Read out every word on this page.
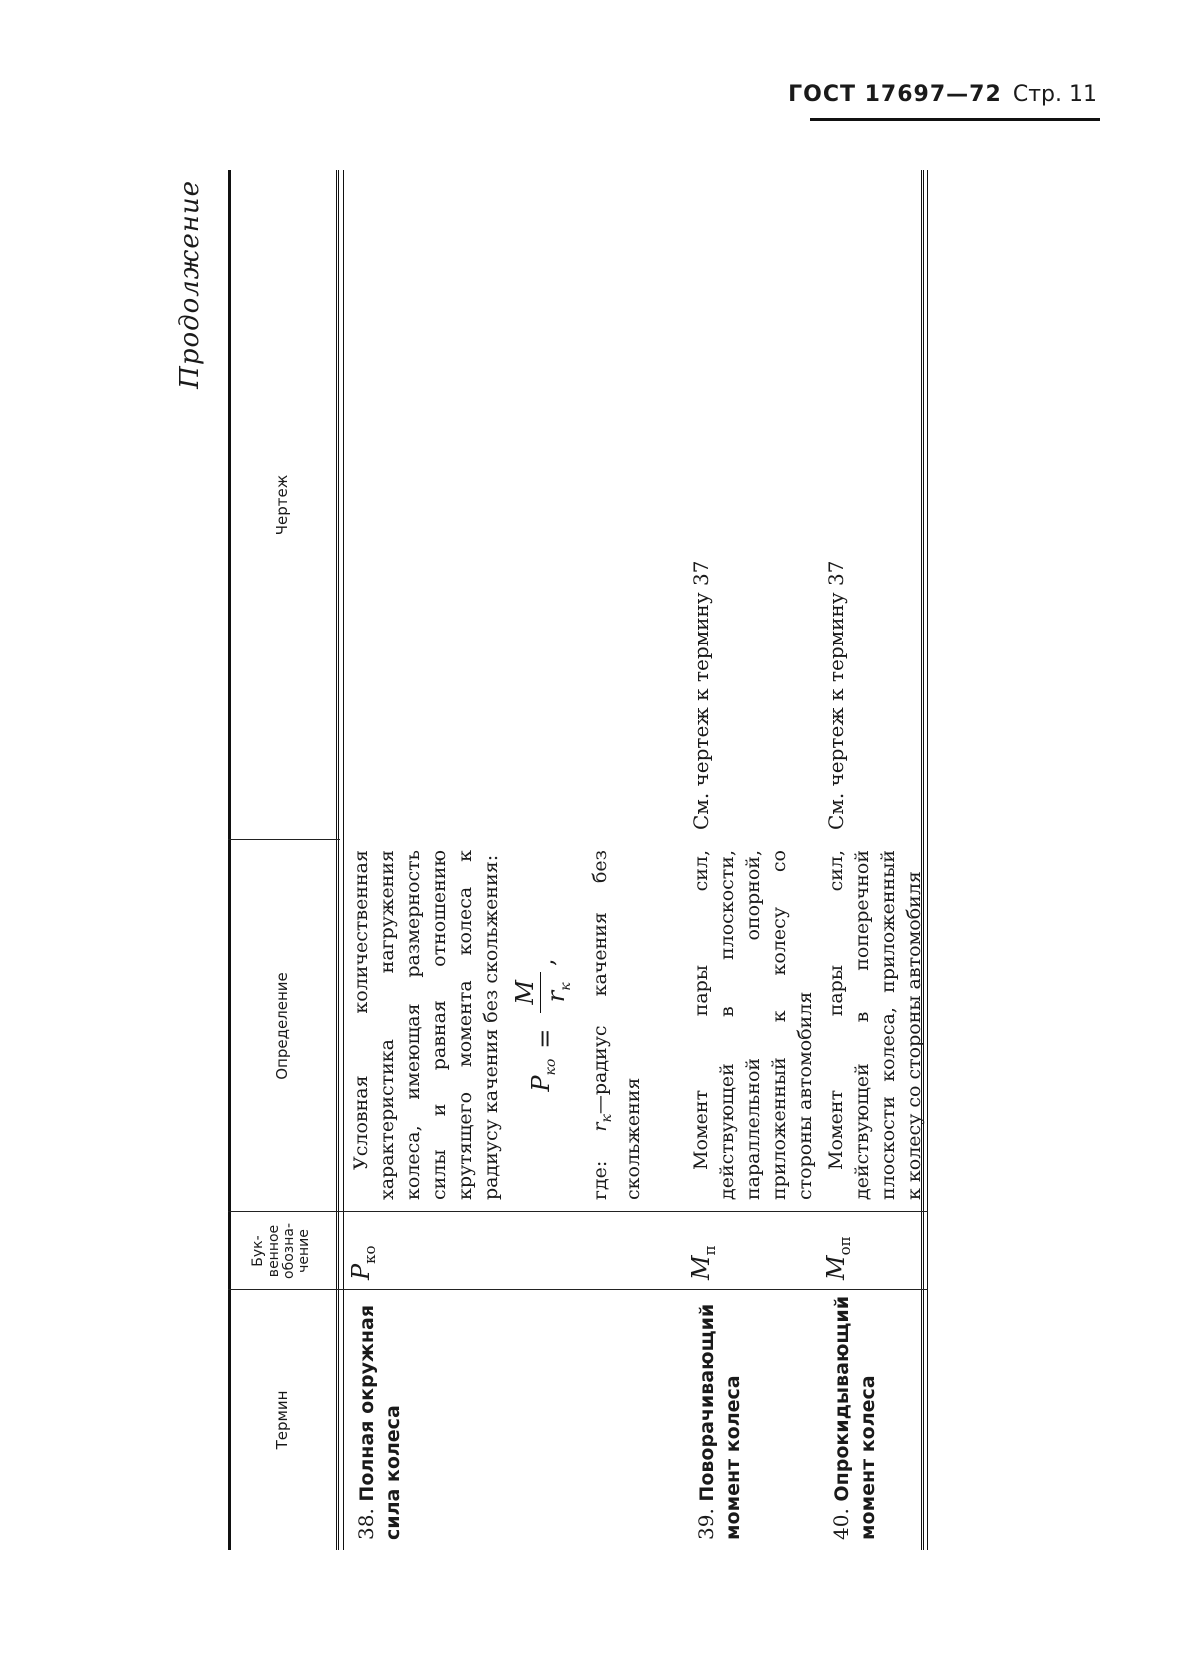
ГОСТ 17697—72 Стр. 11
Продолжение
Термин
Бук-венное обозна-чение
Определение
Чертеж
38. Полная окружная сила колеса
$P_{ко}$
Условная количественная характеристика нагружения колеса, имеющая размерность силы и равная отношению крутящего момента колеса к радиусу качения без скольжения: $P_{ко}$
=
M $r_к$
,
где: $r_к—радиус$ качения без скольжения
39. Поворачивающий момент колеса
$M_п$
Момент пары сил, действующей в плоскости, параллельной опорной, приложенный к колесу со стороны автомобиля
См. чертеж к термину 37
40. Опрокидывающий момент колеса
$M_{оп}$
Момент пары сил, действующей в поперечной плоскости колеса, приложенный к колесу со стороны автомобиля
См. чертеж к термину 37
